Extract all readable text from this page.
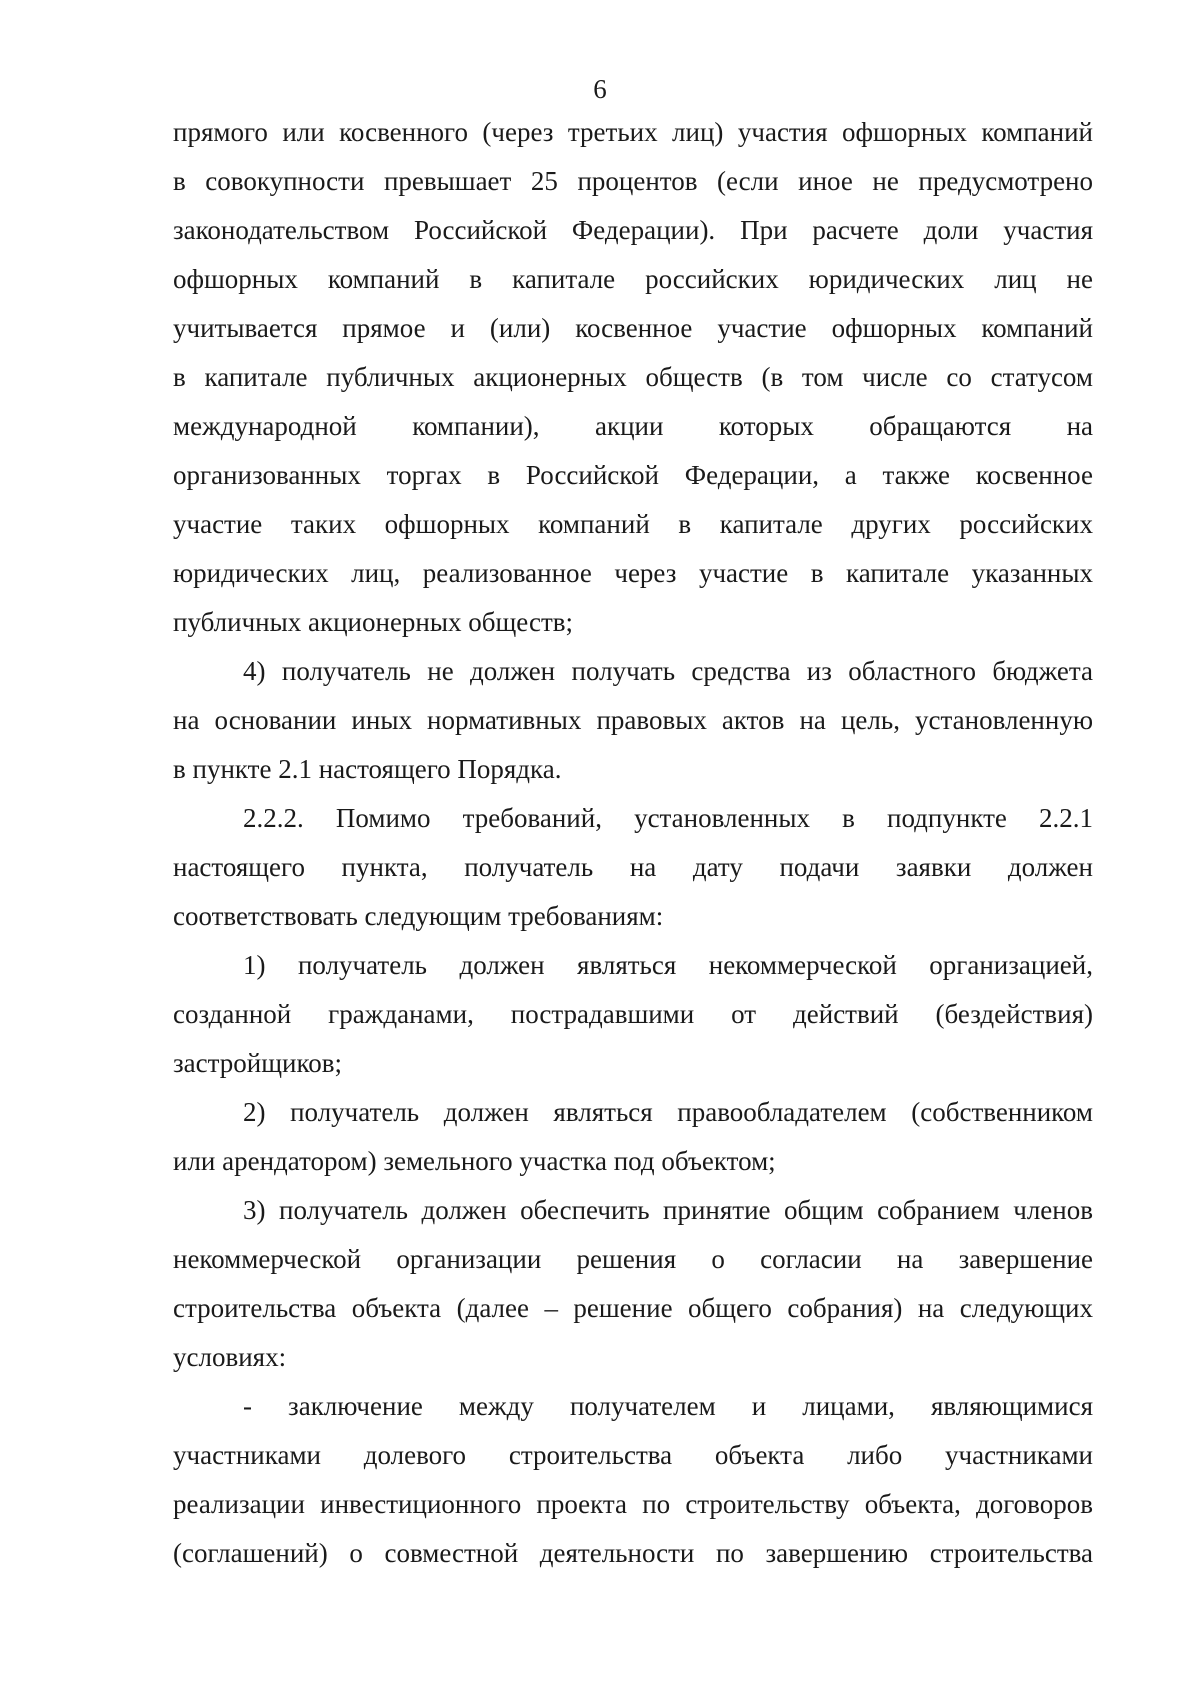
6
прямого или косвенного (через третьих лиц) участия офшорных компаний
в совокупности превышает 25 процентов (если иное не предусмотрено
законодательством Российской Федерации). При расчете доли участия
офшорных компаний в капитале российских юридических лиц не
учитывается прямое и (или) косвенное участие офшорных компаний
в капитале публичных акционерных обществ (в том числе со статусом
международной компании), акции которых обращаются на
организованных торгах в Российской Федерации, а также косвенное
участие таких офшорных компаний в капитале других российских
юридических лиц, реализованное через участие в капитале указанных
публичных акционерных обществ;
4) получатель не должен получать средства из областного бюджета
на основании иных нормативных правовых актов на цель, установленную
в пункте 2.1 настоящего Порядка.
2.2.2. Помимо требований, установленных в подпункте 2.2.1
настоящего пункта, получатель на дату подачи заявки должен
соответствовать следующим требованиям:
1) получатель должен являться некоммерческой организацией,
созданной гражданами, пострадавшими от действий (бездействия)
застройщиков;
2) получатель должен являться правообладателем (собственником
или арендатором) земельного участка под объектом;
3) получатель должен обеспечить принятие общим собранием членов
некоммерческой организации решения о согласии на завершение
строительства объекта (далее – решение общего собрания) на следующих
условиях:
- заключение между получателем и лицами, являющимися
участниками долевого строительства объекта либо участниками
реализации инвестиционного проекта по строительству объекта, договоров
(соглашений) о совместной деятельности по завершению строительства
